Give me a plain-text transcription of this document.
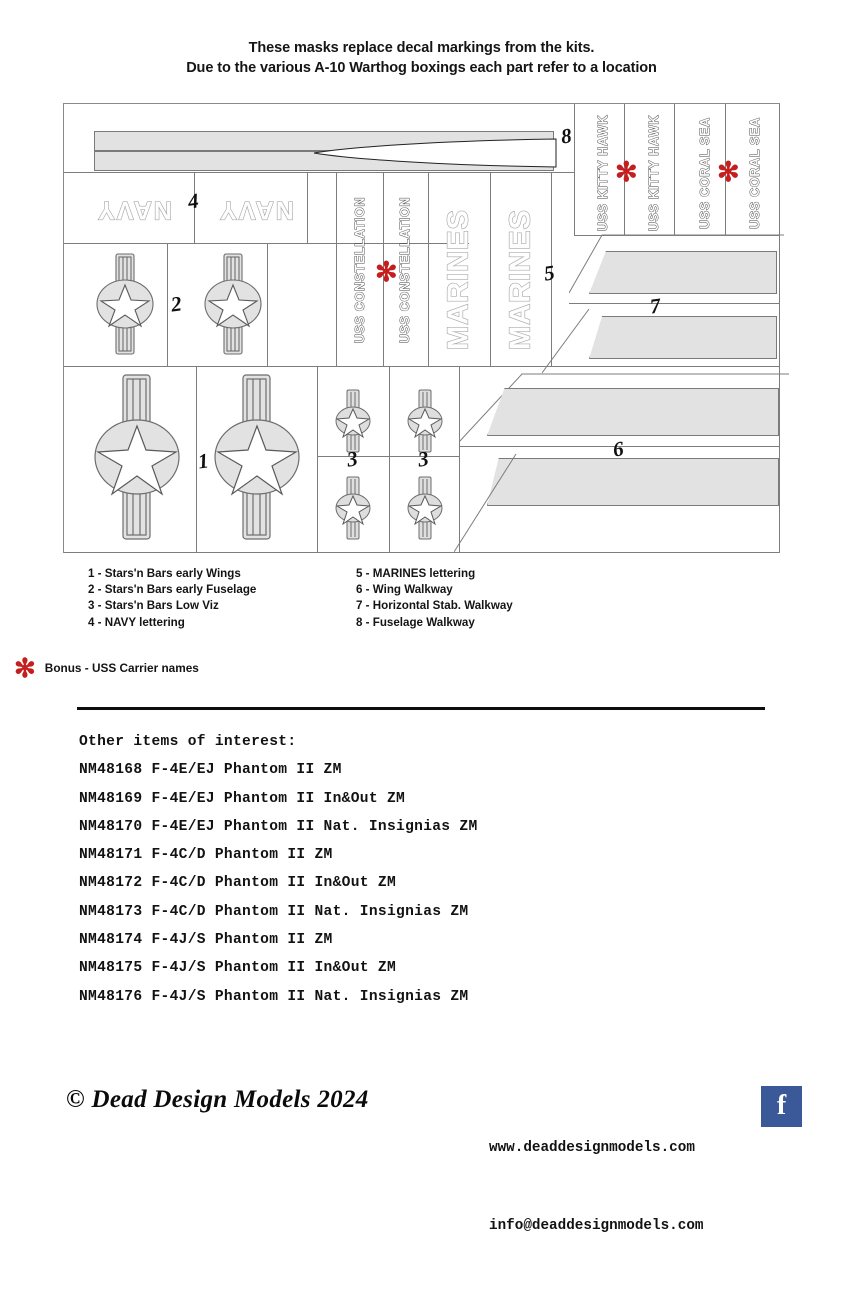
These masks replace decal markings from the kits.
Due to the various A-10 Warthog boxings each part refer to a location
8
NAVY	NAVY
4
2	USS CONSTELLATION USS CONSTELLATION
✻ MARINES MARINES 5
USS KITTY HAWK	USS KITTY HAWK
✻	USS CORAL SEA	USS CORAL SEA
✻
7
1	3	3	6
1 - Stars'n Bars early Wings
2 - Stars'n Bars early Fuselage
3 - Stars'n Bars Low Viz
4 - NAVY lettering
5 - MARINES lettering
6 - Wing Walkway
7 - Horizontal Stab. Walkway
8 - Fuselage Walkway
✻ Bonus - USS Carrier names
Other items of interest:
NM48168 F-4E/EJ Phantom II ZM
NM48169 F-4E/EJ Phantom II In&Out ZM
NM48170 F-4E/EJ Phantom II Nat. Insignias ZM
NM48171 F-4C/D Phantom II ZM
NM48172 F-4C/D Phantom II In&Out ZM
NM48173 F-4C/D Phantom II Nat. Insignias ZM
NM48174 F-4J/S Phantom II ZM
NM48175 F-4J/S Phantom II In&Out ZM
NM48176 F-4J/S Phantom II Nat. Insignias ZM
© Dead Design Models 2024

www.deaddesignmodels.com

info@deaddesignmodels.com

f
